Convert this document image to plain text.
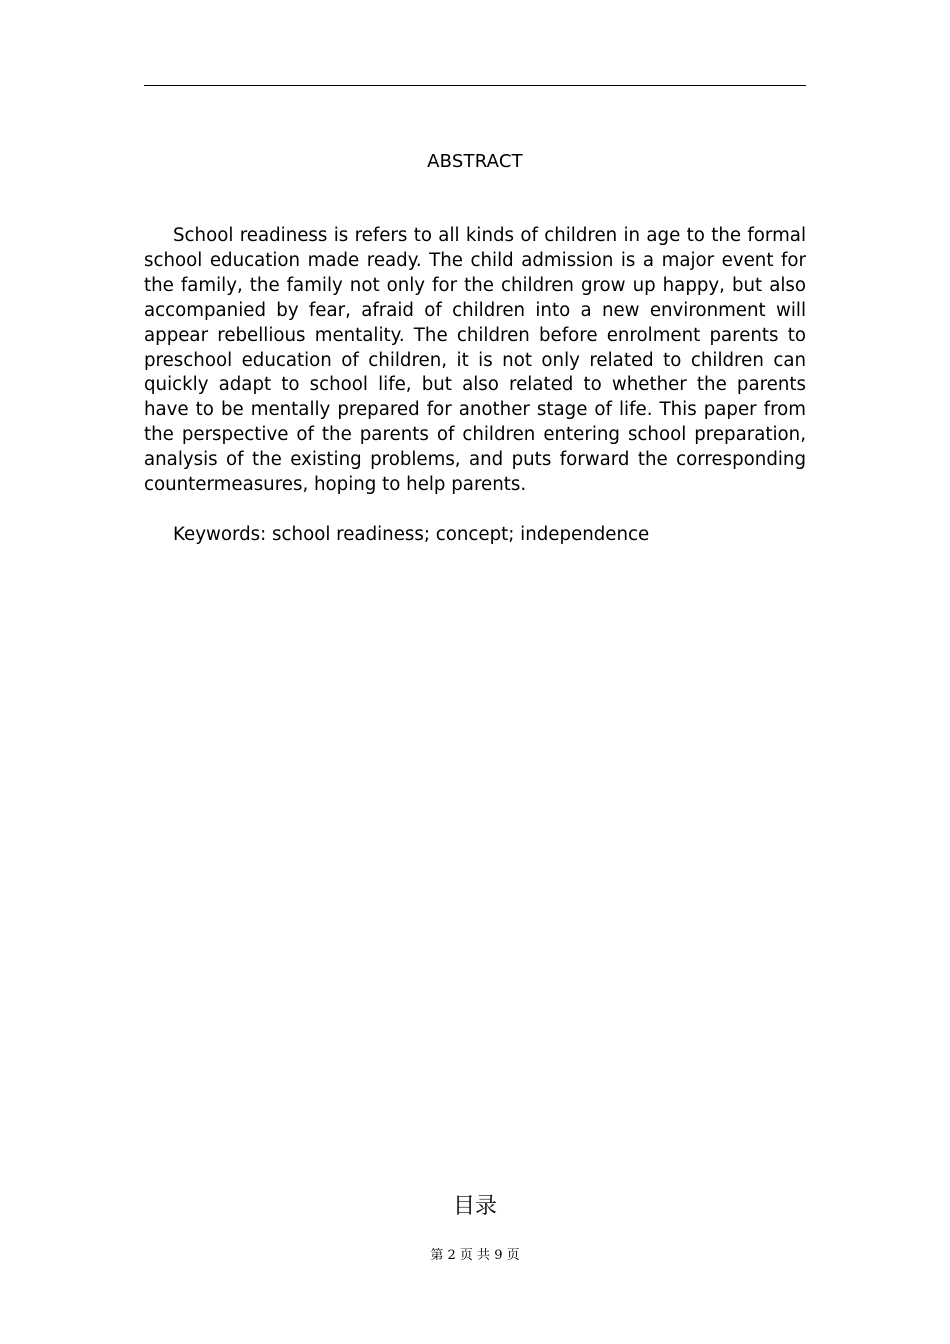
ABSTRACT

School readiness is refers to all kinds of children in age to the formal school education made ready. The child admission is a major event for the family, the family not only for the children grow up happy, but also accompanied by fear, afraid of children into a new environment will appear rebellious mentality. The children before enrolment parents to preschool education of children, it is not only related to children can quickly adapt to school life, but also related to whether the parents have to be mentally prepared for another stage of life. This paper from the perspective of the parents of children entering school preparation, analysis of the existing problems, and puts forward the corresponding countermeasures, hoping to help parents.

Keywords: school readiness; concept; independence

目录
第 2 页 共 9 页
